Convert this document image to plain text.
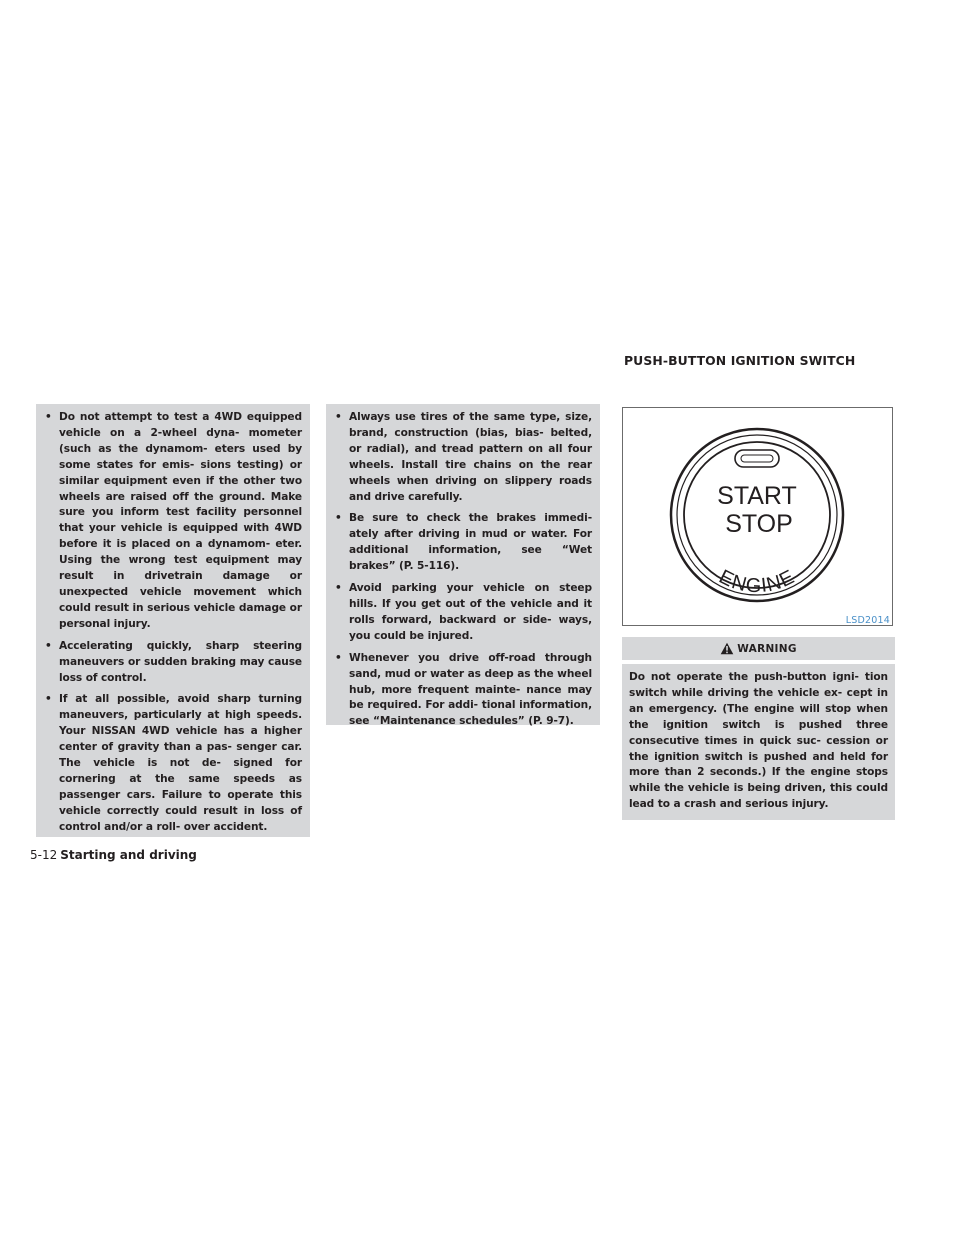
• Do not attempt to test a 4WD equipped vehicle on a 2-wheel dyna- mometer (such as the dynamom- eters used by some states for emis- sions testing) or similar equipment even if the other two wheels are raised off the ground. Make sure you inform test facility personnel that your vehicle is equipped with 4WD before it is placed on a dynamom- eter. Using the wrong test equipment may result in drivetrain damage or unexpected vehicle movement which could result in serious vehicle damage or personal injury.
• Accelerating quickly, sharp steering maneuvers or sudden braking may cause loss of control.
• If at all possible, avoid sharp turning maneuvers, particularly at high speeds. Your NISSAN 4WD vehicle has a higher center of gravity than a pas- senger car. The vehicle is not de- signed for cornering at the same speeds as passenger cars. Failure to operate this vehicle correctly could result in loss of control and/or a roll- over accident.
• Always use tires of the same type, size, brand, construction (bias, bias- belted, or radial), and tread pattern on all four wheels. Install tire chains on the rear wheels when driving on slippery roads and drive carefully.
• Be sure to check the brakes immedi- ately after driving in mud or water. For additional information, see “Wet brakes” (P. 5-116).
• Avoid parking your vehicle on steep hills. If you get out of the vehicle and it rolls forward, backward or side- ways, you could be injured.
• Whenever you drive off-road through sand, mud or water as deep as the wheel hub, more frequent mainte- nance may be required. For addi- tional information, see “Maintenance schedules” (P. 9-7).
PUSH-BUTTON IGNITION SWITCH
START
STOP
ENGINE
LSD2014
WARNING
Do not operate the push-button igni- tion switch while driving the vehicle ex- cept in an emergency. (The engine will stop when the ignition switch is pushed three consecutive times in quick suc- cession or the ignition switch is pushed and held for more than 2 seconds.) If the engine stops while the vehicle is being driven, this could lead to a crash and serious injury.
5-12 Starting and driving
